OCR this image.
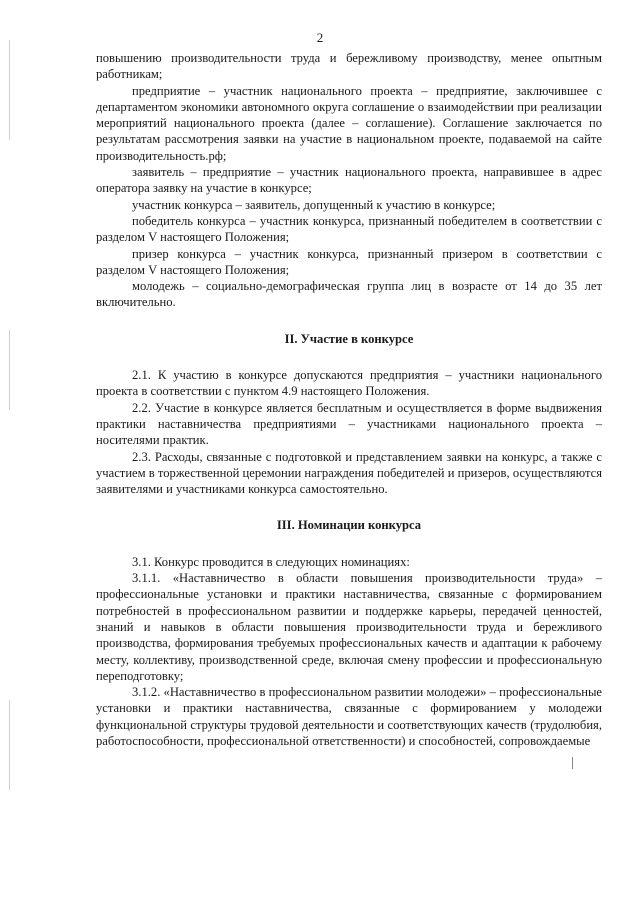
2

повышению производительности труда и бережливому производству, менее опытным работникам;

предприятие – участник национального проекта – предприятие, заключившее с департаментом экономики автономного округа соглашение о взаимодействии при реализации мероприятий национального проекта (далее – соглашение). Соглашение заключается по результатам рассмотрения заявки на участие в национальном проекте, подаваемой на сайте производительность.рф;

заявитель – предприятие – участник национального проекта, направившее в адрес оператора заявку на участие в конкурсе;

участник конкурса – заявитель, допущенный к участию в конкурсе;

победитель конкурса – участник конкурса, признанный победителем в соответствии с разделом V настоящего Положения;

призер конкурса – участник конкурса, признанный призером в соответствии с разделом V настоящего Положения;

молодежь – социально-демографическая группа лиц в возрасте от 14 до 35 лет включительно.

II. Участие в конкурсе

2.1. К участию в конкурсе допускаются предприятия – участники национального проекта в соответствии с пунктом 4.9 настоящего Положения.

2.2. Участие в конкурсе является бесплатным и осуществляется в форме выдвижения практики наставничества предприятиями – участниками национального проекта – носителями практик.

2.3. Расходы, связанные с подготовкой и представлением заявки на конкурс, а также с участием в торжественной церемонии награждения победителей и призеров, осуществляются заявителями и участниками конкурса самостоятельно.

III. Номинации конкурса

3.1. Конкурс проводится в следующих номинациях:

3.1.1. «Наставничество в области повышения производительности труда» – профессиональные установки и практики наставничества, связанные с формированием потребностей в профессиональном развитии и поддержке карьеры, передачей ценностей, знаний и навыков в области повышения производительности труда и бережливого производства, формирования требуемых профессиональных качеств и адаптации к рабочему месту, коллективу, производственной среде, включая смену профессии и профессиональную переподготовку;

3.1.2. «Наставничество в профессиональном развитии молодежи» – профессиональные установки и практики наставничества, связанные с формированием у молодежи функциональной структуры трудовой деятельности и соответствующих качеств (трудолюбия, работоспособности, профессиональной ответственности) и способностей, сопровождаемые
